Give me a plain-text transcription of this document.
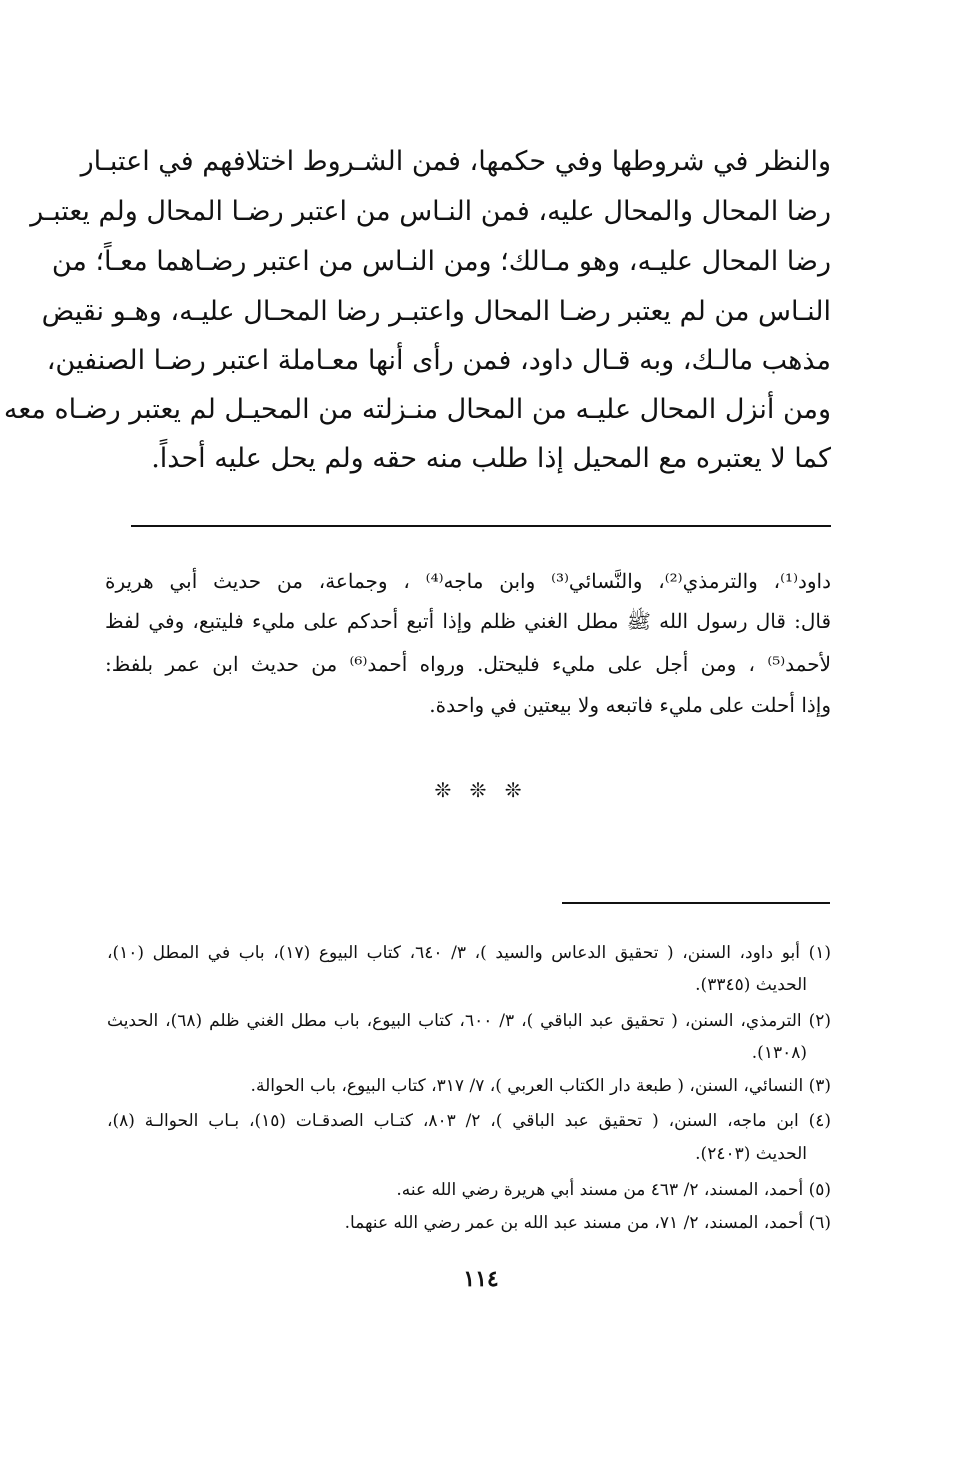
والنظر في شروطها وفي حكمها، فمن الشـروط اختلافهم في اعتبـار
رضا المحال والمحال عليه، فمن النـاس من اعتبر رضـا المحال ولم يعتبـر
رضا المحال عليـه، وهو مـالك؛ ومن النـاس من اعتبر رضـاهما معـاً؛ من
النـاس من لم يعتبر رضـا المحال واعتبـر رضا المحـال عليـه، وهـو نقيض
مذهب مالـك، وبه قـال داود، فمن رأى أنها معـاملة اعتبر رضـا الصنفين،
ومن أنزل المحال عليـه من المحال منـزلته من المحيـل لم يعتبر رضـاه معه
كما لا يعتبره مع المحيل إذا طلب منه حقه ولم يحل عليه أحداً.
داود⁽¹⁾، والترمذي⁽²⁾، والنَّسائي⁽³⁾ وابن ماجه⁽⁴⁾ ، وجماعة، من حديث أبي هريرة
قال: قال رسول الله ﷺ مطل الغني ظلم وإذا أتبع أحدكم على مليء فليتبع، وفي لفظ
لأحمد⁽⁵⁾ ، ومن أجل على مليء فليحتل. ورواه أحمد⁽⁶⁾ من حديث ابن عمر بلفظ:
وإذا أحلت على مليء فاتبعه ولا بيعتين في واحدة.
❊ ❊ ❊
(١) أبو داود، السنن، ( تحقيق الدعاس والسيد )، ٣/ ٦٤٠، كتاب البيوع (١٧)، باب في المطل (١٠)،
الحديث (٣٣٤٥).
(٢) الترمذي، السنن، ( تحقيق عبد الباقي )، ٣/ ٦٠٠، كتاب البيوع، باب مطل الغني ظلم (٦٨)، الحديث
(١٣٠٨).
(٣) النسائي، السنن، ( طبعة دار الكتاب العربي )، ٧/ ٣١٧، كتاب البيوع، باب الحوالة.
(٤) ابن ماجه، السنن، ( تحقيق عبد الباقي )، ٢/ ٨٠٣، كتـاب الصدقـات (١٥)، بـاب الحوالـة (٨)،
الحديث (٢٤٠٣).
(٥) أحمد، المسند، ٢/ ٤٦٣ من مسند أبي هريرة رضي الله عنه.
(٦) أحمد، المسند، ٢/ ٧١، من مسند عبد الله بن عمر رضي الله عنهما.
١١٤
